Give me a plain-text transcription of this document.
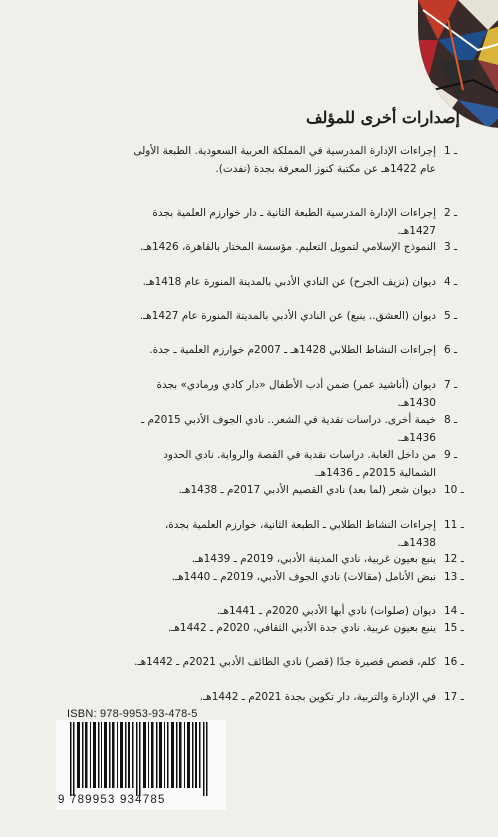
إصدارات أخرى للمؤلف
1 ـ
إجراءات الإدارة المدرسية في المملكة العربية السعودية. الطبعة الأولى عام 1422هـ عن مكتبة كنوز المعرفة بجدة (نفدت).
2 ـ
إجراءات الإدارة المدرسية الطبعة الثانية ـ دار خوارزم العلمية بجدة 1427هـ.
3 ـ
النموذج الإسلامي لتمويل التعليم. مؤسسة المختار بالقاهرة، 1426هـ.
4 ـ
ديوان (نزيف الجرح) عن النادي الأدبي بالمدينة المنورة عام 1418هـ.
5 ـ
ديوان (العشق.. ينبع) عن النادي الأدبي بالمدينة المنورة عام 1427هـ.
6 ـ
إجراءات النشاط الطلابي 1428هـ ـ 2007م خوارزم العلمية ـ جدة.
7 ـ
ديوان (أناشيد عمر) ضمن أدب الأطفال «دار كادي ورمادي» بجدة 1430هـ.
8 ـ
خيمة أخرى. دراسات نقدية في الشعر.. نادي الجوف الأدبي 2015م ـ 1436هـ.
9 ـ
من داخل الغابة. دراسات نقدية في القصة والرواية. نادي الحدود الشمالية 2015م ـ 1436هـ.
10 ـ
ديوان شعر (لما بعد) نادي القصيم الأدبي 2017م ـ 1438هـ.
11 ـ
إجراءات النشاط الطلابي ـ الطبعة الثانية، خوارزم العلمية بجدة، 1438هـ.
12 ـ
ينبع بعيون غربية، نادي المدينة الأدبي، 2019م ـ 1439هـ.
13 ـ
نبض الأنامل (مقالات) نادي الجوف الأدبي، 2019م ـ 1440هـ.
14 ـ
ديوان (صلوات) نادي أبها الأدبي 2020م ـ 1441هـ.
15 ـ
ينبع بعيون عربية. نادي جدة الأدبي الثقافي، 2020م ـ 1442هـ.
16 ـ
كلم، قصص قصيرة جدًا (قصر) نادي الطائف الأدبي 2021م ـ 1442هـ.
17 ـ
في الإدارة والتربية، دار تكوين بجدة 2021م ـ 1442هـ.
ISBN: 978-9953-93-478-5
9 789953 934785
